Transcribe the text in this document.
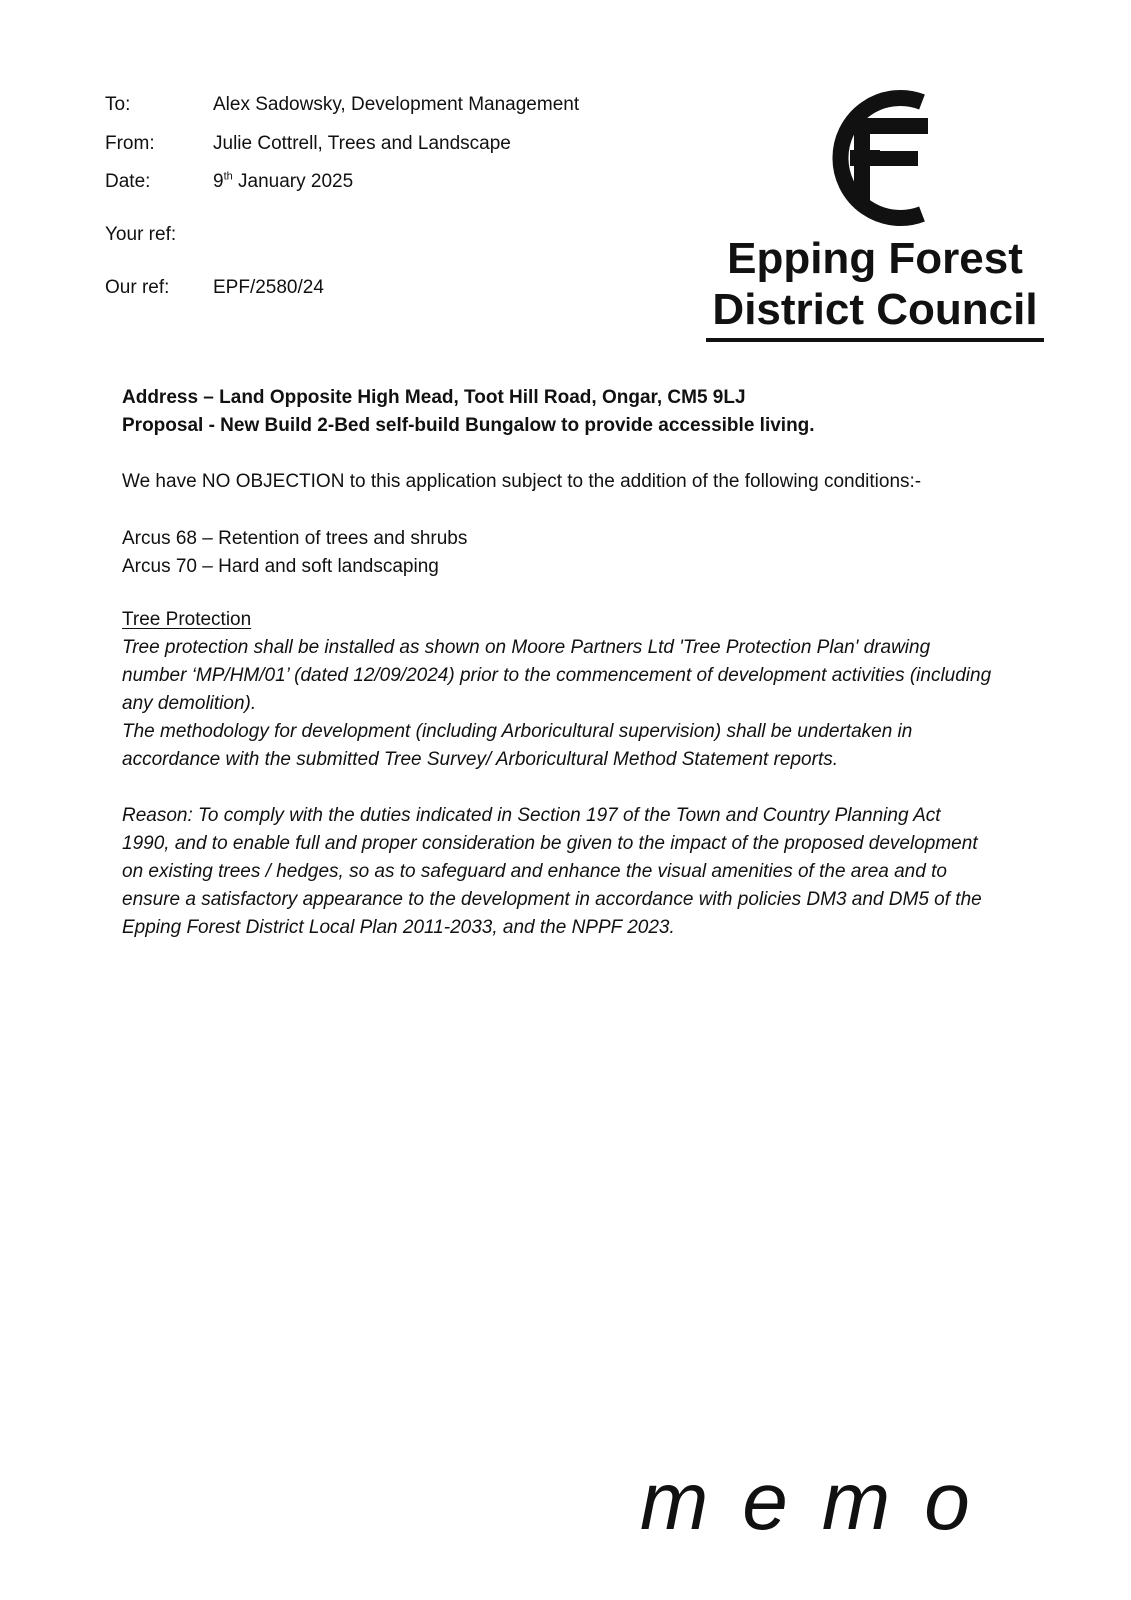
To:	Alex Sadowsky, Development Management
From:	Julie Cottrell, Trees and Landscape
Date:	9th January 2025
Your ref:
Our ref: EPF/2580/24
Epping Forest
District Council
Address – Land Opposite High Mead, Toot Hill Road, Ongar, CM5 9LJ
Proposal - New Build 2-Bed self-build Bungalow to provide accessible living.
We have NO OBJECTION to this application subject to the addition of the following conditions:-
Arcus 68 – Retention of trees and shrubs
Arcus 70 – Hard and soft landscaping
Tree Protection
Tree protection shall be installed as shown on Moore Partners Ltd 'Tree Protection Plan' drawing number ‘MP/HM/01’ (dated 12/09/2024) prior to the commencement of development activities (including any demolition).
The methodology for development (including Arboricultural supervision) shall be undertaken in accordance with the submitted Tree Survey/ Arboricultural Method Statement reports.
Reason: To comply with the duties indicated in Section 197 of the Town and Country Planning Act 1990, and to enable full and proper consideration be given to the impact of the proposed development on existing trees / hedges, so as to safeguard and enhance the visual amenities of the area and to ensure a satisfactory appearance to the development in accordance with policies DM3 and DM5 of the Epping Forest District Local Plan 2011-2033, and the NPPF 2023.
memo
